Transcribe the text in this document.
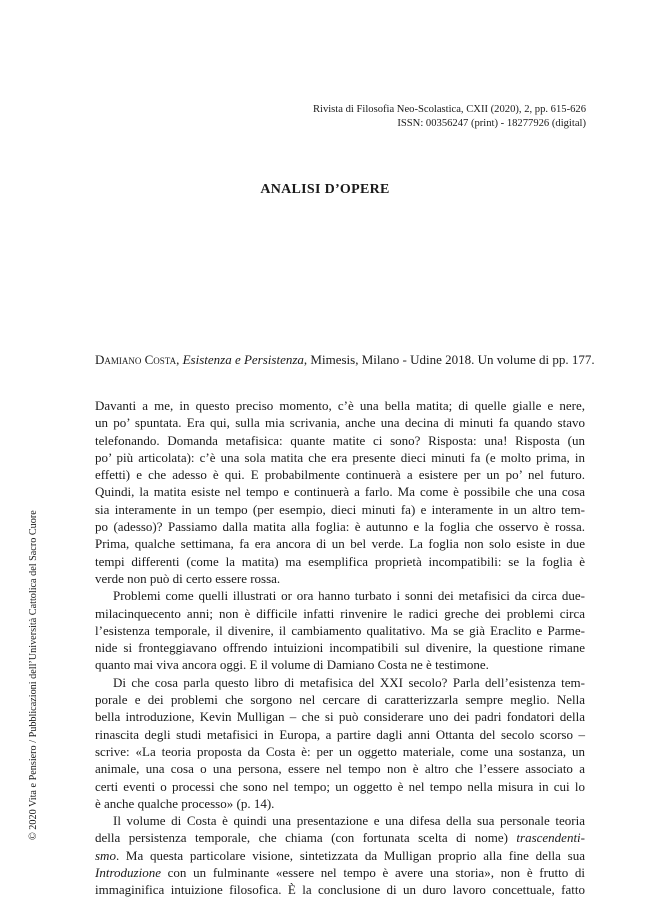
Rivista di Filosofia Neo-Scolastica, CXII (2020), 2, pp. 615-626
ISSN: 00356247 (print) - 18277926 (digital)
ANALISI D’OPERE
© 2020 Vita e Pensiero / Pubblicazioni dell’Università Cattolica del Sacro Cuore

Damiano Costa, Esistenza e Persistenza, Mimesis, Milano - Udine 2018. Un volume di pp. 177.

Davanti a me, in questo preciso momento, c’è una bella matita; di quelle gialle e nere,
un po’ spuntata. Era qui, sulla mia scrivania, anche una decina di minuti fa quando stavo
telefonando. Domanda metafisica: quante matite ci sono? Risposta: una! Risposta (un
po’ più articolata): c’è una sola matita che era presente dieci minuti fa (e molto prima, in
effetti) e che adesso è qui. E probabilmente continuerà a esistere per un po’ nel futuro.
Quindi, la matita esiste nel tempo e continuerà a farlo. Ma come è possibile che una cosa
sia interamente in un tempo (per esempio, dieci minuti fa) e interamente in un altro tem-
po (adesso)? Passiamo dalla matita alla foglia: è autunno e la foglia che osservo è rossa.
Prima, qualche settimana, fa era ancora di un bel verde. La foglia non solo esiste in due
tempi differenti (come la matita) ma esemplifica proprietà incompatibili: se la foglia è
verde non può di certo essere rossa.

Problemi come quelli illustrati or ora hanno turbato i sonni dei metafisici da circa due-
milacinquecento anni; non è difficile infatti rinvenire le radici greche dei problemi circa
l’esistenza temporale, il divenire, il cambiamento qualitativo. Ma se già Eraclito e Parme-
nide si fronteggiavano offrendo intuizioni incompatibili sul divenire, la questione rimane
quanto mai viva ancora oggi. E il volume di Damiano Costa ne è testimone.

Di che cosa parla questo libro di metafisica del XXI secolo? Parla dell’esistenza tem-
porale e dei problemi che sorgono nel cercare di caratterizzarla sempre meglio. Nella
bella introduzione, Kevin Mulligan – che si può considerare uno dei padri fondatori della
rinascita degli studi metafisici in Europa, a partire dagli anni Ottanta del secolo scorso –
scrive: «La teoria proposta da Costa è: per un oggetto materiale, come una sostanza, un
animale, una cosa o una persona, essere nel tempo non è altro che l’essere associato a
certi eventi o processi che sono nel tempo; un oggetto è nel tempo nella misura in cui lo
è anche qualche processo» (p. 14).

Il volume di Costa è quindi una presentazione e una difesa della sua personale teoria
della persistenza temporale, che chiama (con fortunata scelta di nome) trascendenti-
smo. Ma questa particolare visione, sintetizzata da Mulligan proprio alla fine della sua
Introduzione con un fulminante «essere nel tempo è avere una storia», non è frutto di
immaginifica intuizione filosofica. È la conclusione di un duro lavoro concettuale, fatto
